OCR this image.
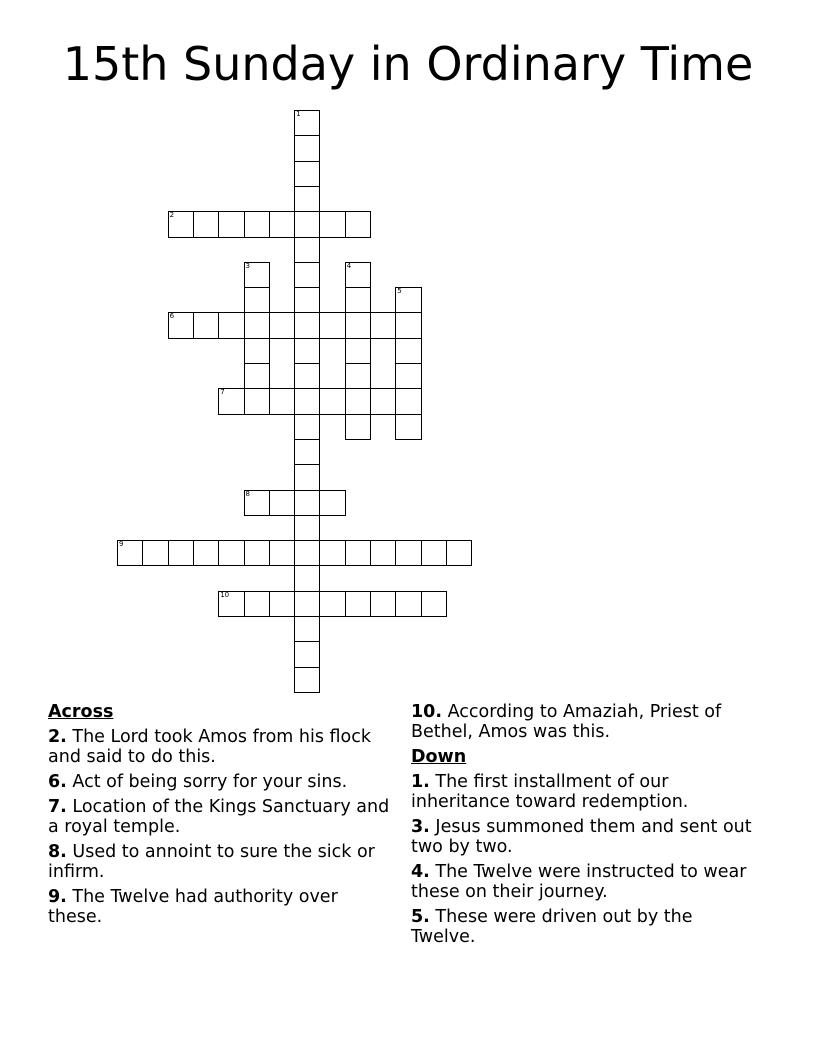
15th Sunday in Ordinary Time
1
2
3	4
5
6
7
8
9
10
Across
2. The Lord took Amos from his flock and said to do this.
6. Act of being sorry for your sins.
7. Location of the Kings Sanctuary and a royal temple.
8. Used to annoint to sure the sick or infirm.
9. The Twelve had authority over these.
10. According to Amaziah, Priest of Bethel, Amos was this.
Down
1. The first installment of our inheritance toward redemption.
3. Jesus summoned them and sent out two by two.
4. The Twelve were instructed to wear these on their journey.
5. These were driven out by the Twelve.
